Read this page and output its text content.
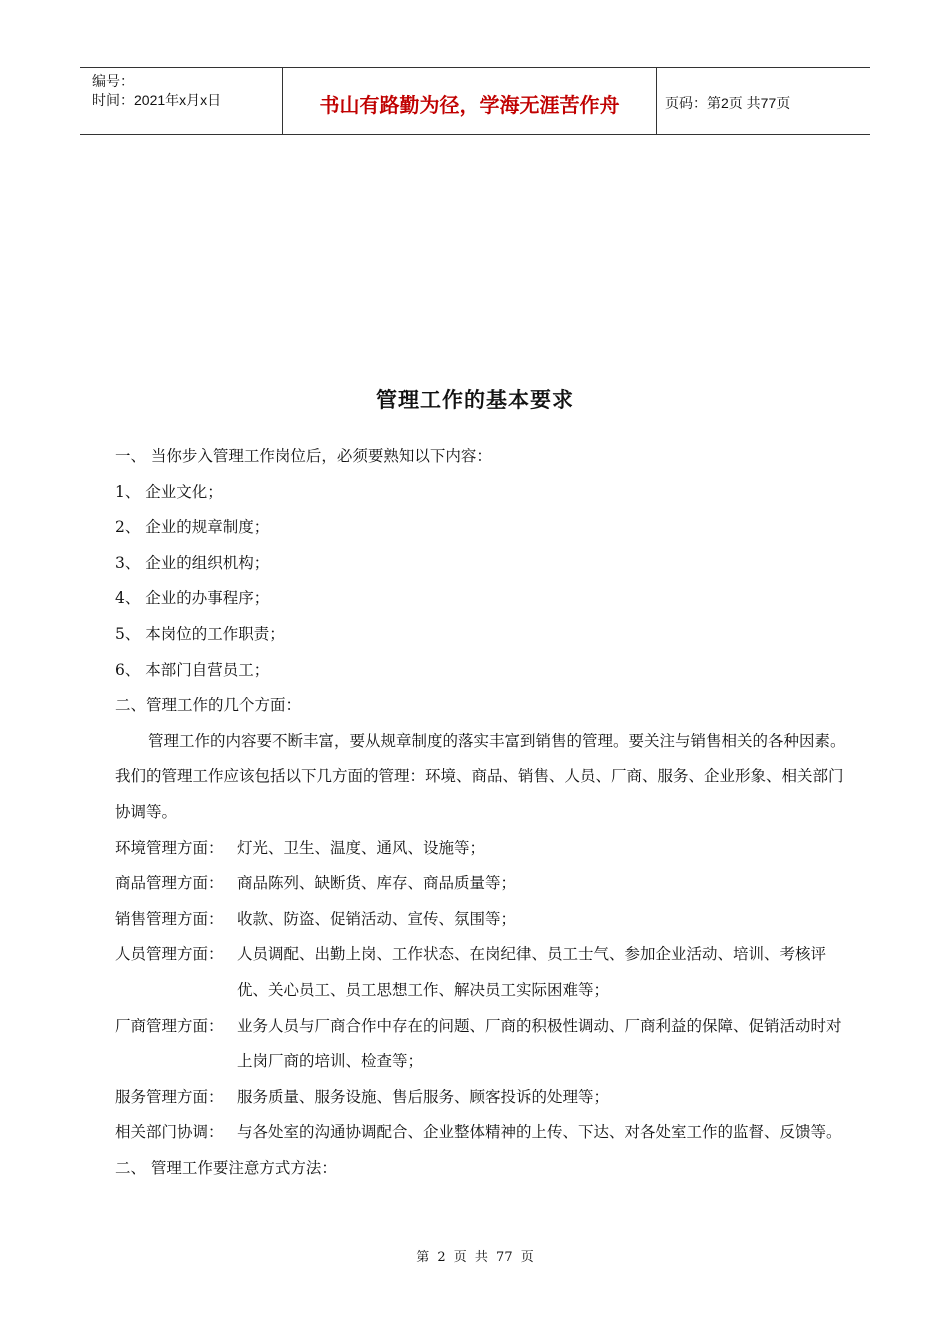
编号：
时间：2021年x月x日	书山有路勤为径，学海无涯苦作舟	页码：第2页 共77页
管理工作的基本要求

一、 当你步入管理工作岗位后，必须要熟知以下内容：

1、 企业文化；

2、 企业的规章制度；

3、 企业的组织机构；

4、 企业的办事程序；

5、 本岗位的工作职责；

6、 本部门自营员工；

二、管理工作的几个方面：

管理工作的内容要不断丰富，要从规章制度的落实丰富到销售的管理。要关注与销售相关的各种因素。我们的管理工作应该包括以下几方面的管理：环境、商品、销售、人员、厂商、服务、企业形象、相关部门协调等。

环境管理方面： 灯光、卫生、温度、通风、设施等；
商品管理方面： 商品陈列、缺断货、库存、商品质量等；
销售管理方面： 收款、防盗、促销活动、宣传、氛围等；
人员管理方面： 人员调配、出勤上岗、工作状态、在岗纪律、员工士气、参加企业活动、培训、考核评优、关心员工、员工思想工作、解决员工实际困难等；
厂商管理方面： 业务人员与厂商合作中存在的问题、厂商的积极性调动、厂商利益的保障、促销活动时对上岗厂商的培训、检查等；
服务管理方面： 服务质量、服务设施、售后服务、顾客投诉的处理等；
相关部门协调： 与各处室的沟通协调配合、企业整体精神的上传、下达、对各处室工作的监督、反馈等。

二、 管理工作要注意方式方法：

第 2 页 共 77 页
